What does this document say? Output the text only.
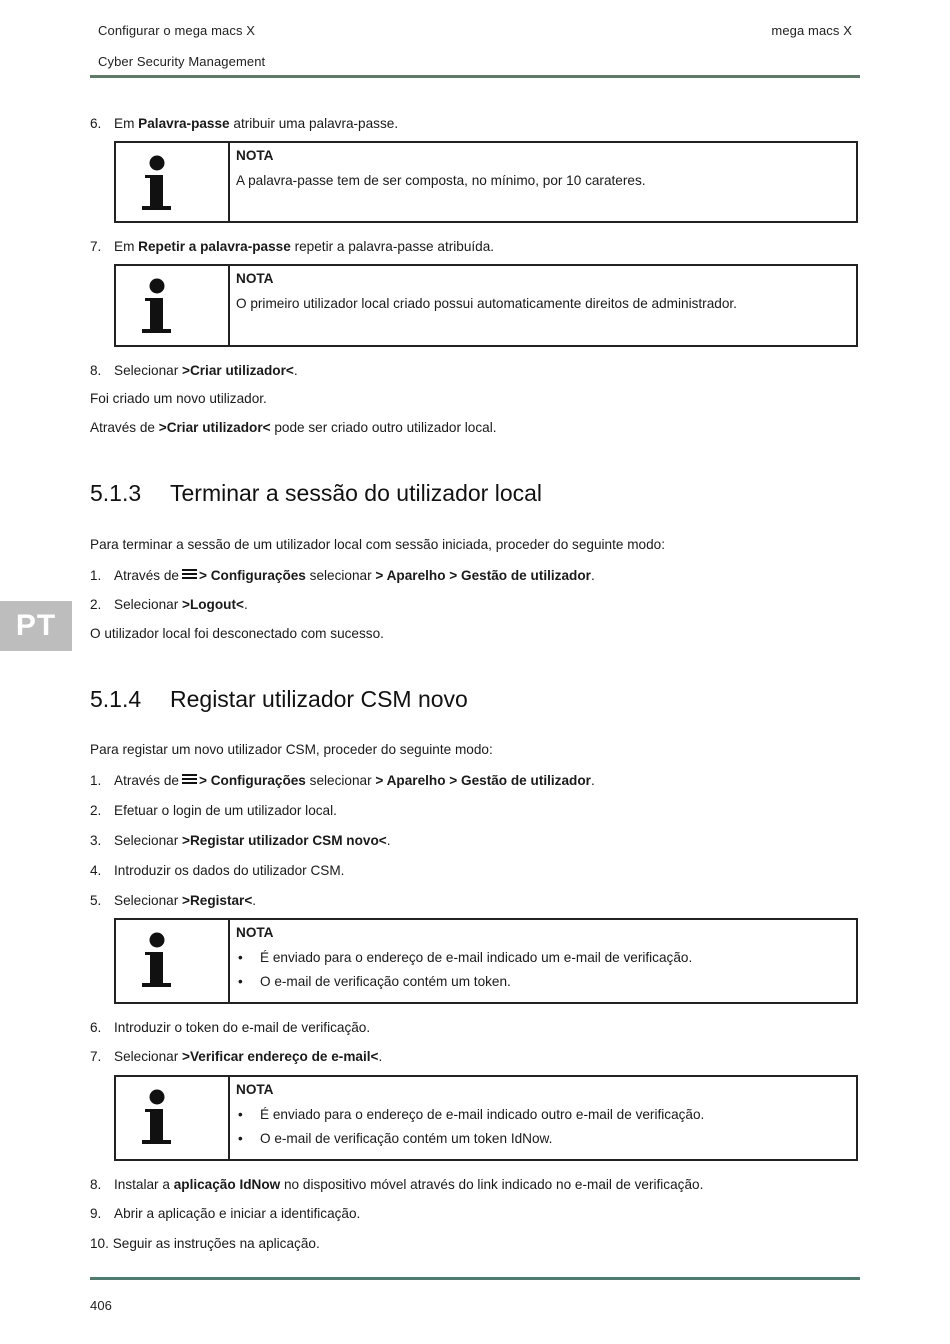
Configurar o mega macs X	mega macs X
Cyber Security Management
6. Em Palavra-passe atribuir uma palavra-passe.
NOTA
A palavra-passe tem de ser composta, no mínimo, por 10 carateres.
7. Em Repetir a palavra-passe repetir a palavra-passe atribuída.
NOTA
O primeiro utilizador local criado possui automaticamente direitos de administrador.
8. Selecionar >Criar utilizador<.
Foi criado um novo utilizador.
Através de >Criar utilizador< pode ser criado outro utilizador local.
5.1.3 Terminar a sessão do utilizador local
Para terminar a sessão de um utilizador local com sessão iniciada, proceder do seguinte modo:
1. Através de > Configurações selecionar > Aparelho > Gestão de utilizador.
2. Selecionar >Logout<.
O utilizador local foi desconectado com sucesso.
PT
5.1.4 Registar utilizador CSM novo
Para registar um novo utilizador CSM, proceder do seguinte modo:
1. Através de > Configurações selecionar > Aparelho > Gestão de utilizador.
2. Efetuar o login de um utilizador local.
3. Selecionar >Registar utilizador CSM novo<.
4. Introduzir os dados do utilizador CSM.
5. Selecionar >Registar<.
NOTA
• É enviado para o endereço de e-mail indicado um e-mail de verificação.
• O e-mail de verificação contém um token.
6. Introduzir o token do e-mail de verificação.
7. Selecionar >Verificar endereço de e-mail<.
NOTA
• É enviado para o endereço de e-mail indicado outro e-mail de verificação.
• O e-mail de verificação contém um token IdNow.
8. Instalar a aplicação IdNow no dispositivo móvel através do link indicado no e-mail de verificação.
9. Abrir a aplicação e iniciar a identificação.
10. Seguir as instruções na aplicação.
406
